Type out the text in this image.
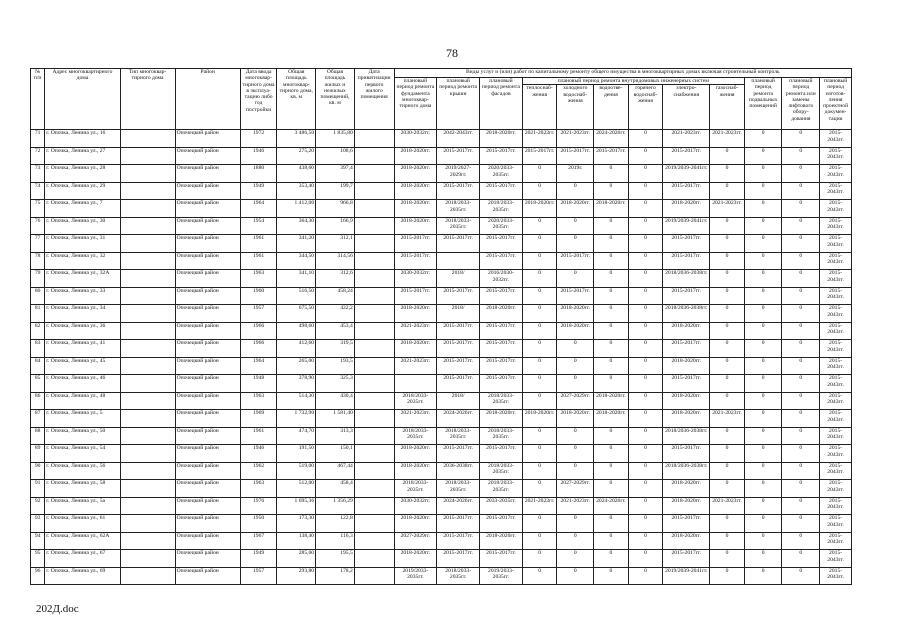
78
№ п/п	Адрес многоквартирного дома	Тип многоквар-тирного дома	Район	Дата ввода многоквар-тирного дома в эксплуа-тацию либо год постройки	Общая площадь многоквар-тирного дома, кв. м	Общая площадь жилых и нежилых помещений, кв. м	Дата приватизации первого жилого помещения	Виды услуг и (или) работ по капитальному ремонту общего имущества в многоквартирных домах включая строительный контроль											
								плановый период ремонта фундамента многоквар-тирного дома	плановый период ремонта крыши	плановый период ремонта фасадов	плановый период ремонта внутридомовых инженерных систем						плановый период ремонта подвальных помещений	плановый период ремонта или замены лифтового обору-дования	плановый период изготов-ления проектной докумен-тации
											теплоснаб-жения	холодного водоснаб-жения	водоотве-дения	горячего водоснаб-жения	электро-снабжения	газоснаб-жения			
71	г. Опочка, Ленина ул., 16		Опочецкий район	1972	3 486,50	1 835,80		2030-2032гг.	2042-2043гг.	2018-2020гг.	2021-2023гг.	2021-2023гг.	2024-2026гг.	0	2021-2023гг.	2021-2023гг.	0	0	2015-2043гг.
72	г. Опочка, Ленина ул., 27		Опочецкий район	1946	275,20	108,6		2018-2020гг.	2015-2017гг.	2015-2017гг.	2015-2017гг.	2015-2017гг.	2015-2017гг.	0	2015-2017гг.	0	0	0	2015-2043гг.
73	г. Опочка, Ленина ул., 28		Опочецкий район	1880	438,60	397,4		2018-2020гг.	2019/2027-2029гг.	2020/2033-2035гг.	0	2019г.	0	0	2019/2039-2041гг.	0	0	0	2015-2043гг.
74	г. Опочка, Ленина ул., 29		Опочецкий район	1949	353,40	199,7		2018-2020гг.	2015-2017гг.	2015-2017гг.	0	0	0	0	2015-2017гг.	0	0	0	2015-2043гг.
75	г. Опочка, Ленина ул., 7		Опочецкий район	1964	1 412,00	966,8		2018-2020гг.	2018/2033-2035гг.	2018/2033-2035гг.	2018-2020гг.	2018-2020гг.	2018-2020гг.	0	2018-2020гг.	2021-2023гг.	0	0	2015-2043гг.
76	г. Опочка, Ленина ул., 30		Опочецкий район	1954	364,30	166,9		2018-2020гг.	2018/2033-2035гг.	2020/2033-2035гг.	0	0	0	0	2019/2039-2041гг.	0	0	0	2015-2043гг.
77	г. Опочка, Ленина ул., 31		Опочецкий район	1961	341,20	312,1		2015-2017гг.	2015-2017гг.	2015-2017гг.	0	0	0	0	2015-2017гг.	0	0	0	2015-2043гг.
78	г. Опочка, Ленина ул., 32		Опочецкий район	1961	344,50	314,56		2015-2017гг.		2015-2017гг.	0	2015-2017гг.	0	0	2015-2017гг.	0	0	0	2015-2043гг.
79	г. Опочка, Ленина ул., 32А		Опочецкий район	1963	341,10	312,6		2030-2032гг.	2018/	2016/2030-2032гг.	0	0	0	0	2018/2036-2038гг.	0	0	0	2015-2043гг.
80	г. Опочка, Ленина ул., 33		Опочецкий район	1960	516,50	458,24		2015-2017гг.	2015-2017гг.	2015-2017гг.	0	2015-2017гг.	0	0	2015-2017гг.	0	0	0	2015-2043гг.
81	г. Опочка, Ленина ул., 34		Опочецкий район	1957	675,50	422,2		2018-2020гг.	2018/	2018-2020гг.	0	2018-2020гг.	0	0	2018/2036-2038гг.	0	0	0	2015-2043гг.
82	г. Опочка, Ленина ул., 36		Опочецкий район	1966	498,60	453,4		2021-2023гг.	2015-2017гг.	2015-2017гг.	0	2018-2020гг.	0	0	2018-2020гг.	0	0	0	2015-2043гг.
83	г. Опочка, Ленина ул., 41		Опочецкий район	1966	412,60	319,5		2018-2020гг.	2015-2017гг.	2015-2017гг.	0	0	0	0	2015-2017гг.	0	0	0	2015-2043гг.
84	г. Опочка, Ленина ул., 45		Опочецкий район	1964	265,00	193,5		2021-2023гг.	2015-2017гг.	2015-2017гг.	0	0	0	0	2018-2020гг.	0	0	0	2015-2043гг.
85	г. Опочка, Ленина ул., 46		Опочецкий район	1948	378,90	325,3			2015-2017гг.	2015-2017гг.	0	0	0	0	2015-2017гг.	0	0	0	2015-2043гг.
86	г. Опочка, Ленина ул., 48		Опочецкий район	1963	514,30	430,4		2018/2033-2035гг.	2018/	2018/2033-2035гг.	0	2027-2029гг.	2018-2020гг.	0	2018-2020гг.	0	0	0	2015-2043гг.
87	г. Опочка, Ленина ул., 5		Опочецкий район	1969	1 732,90	1 581,40		2021-2023гг.	2024-2026гг.	2018-2020гг.	2018-2020гг.	2018-2020гг.	2018-2020гг.	0	2018-2020гг.	2021-2023гг.	0	0	2015-2043гг.
88	г. Опочка, Ленина ул., 50		Опочецкий район	1961	474,70	313,3		2018/2033-2035гг.	2018/2033-2035гг.	2018/2033-2035гг.	0	0	0	0	2018/2036-2038гг.	0	0	0	2015-2043гг.
89	г. Опочка, Ленина ул., 54		Опочецкий район	1946	191,50	150,1		2018-2020гг.	2015-2017гг.	2015-2017гг.	0	0	0	0	2015-2017гг.	0	0	0	2015-2043гг.
90	г. Опочка, Ленина ул., 56		Опочецкий район	1962	519,00	467,44		2018-2020гг.	2036-2038гг.	2018/2033-2035гг.	0	0	0	0	2018/2036-2038гг.	0	0	0	2015-2043гг.
91	г. Опочка, Ленина ул., 58		Опочецкий район	1963	512,00	458,4		2018/2033-2035гг.	2018/2033-2035гг.	2018/2033-2035гг.	0	2027-2029гг.	0	0	2018-2020гг.	0	0	0	2015-2043гг.
92	г. Опочка, Ленина ул., 5а		Опочецкий район	1976	1 695,36	1 356,29		2030-2032гг.	2024-2026гг.	2033-2035гг.	2021-2023гг.	2021-2023гг.	2024-2026гг.	0	2018-2020гг.	2021-2023гг.	0	0	2015-2043гг.
93	г. Опочка, Ленина ул., 61		Опочецкий район	1950	173,30	122,8		2018-2020гг.	2015-2017гг.	2015-2017гг.	0	0	0	0	2015-2017гг.	0	0	0	2015-2043гг.
94	г. Опочка, Ленина ул., 62А		Опочецкий район	1967	138,40	116,3		2027-2029гг.	2015-2017гг.	2018-2020гг.	0	0	0	0	2018-2020гг.	0	0	0	2015-2043гг.
95	г. Опочка, Ленина ул., 67		Опочецкий район	1949	285,60	195,5		2018-2020гг.	2015-2017гг.	2015-2017гг.	0	0	0	0	2015-2017гг.	0	0	0	2015-2043гг.
96	г. Опочка, Ленина ул., 69		Опочецкий район	1957	293,80	178,2		2019/2033-2035гг.	2018/2033-2035гг.	2019/2033-2035гг.	0	0	0	0	2019/2039-2041гг.	0	0	0	2015-2043гг.
202Д.doc
